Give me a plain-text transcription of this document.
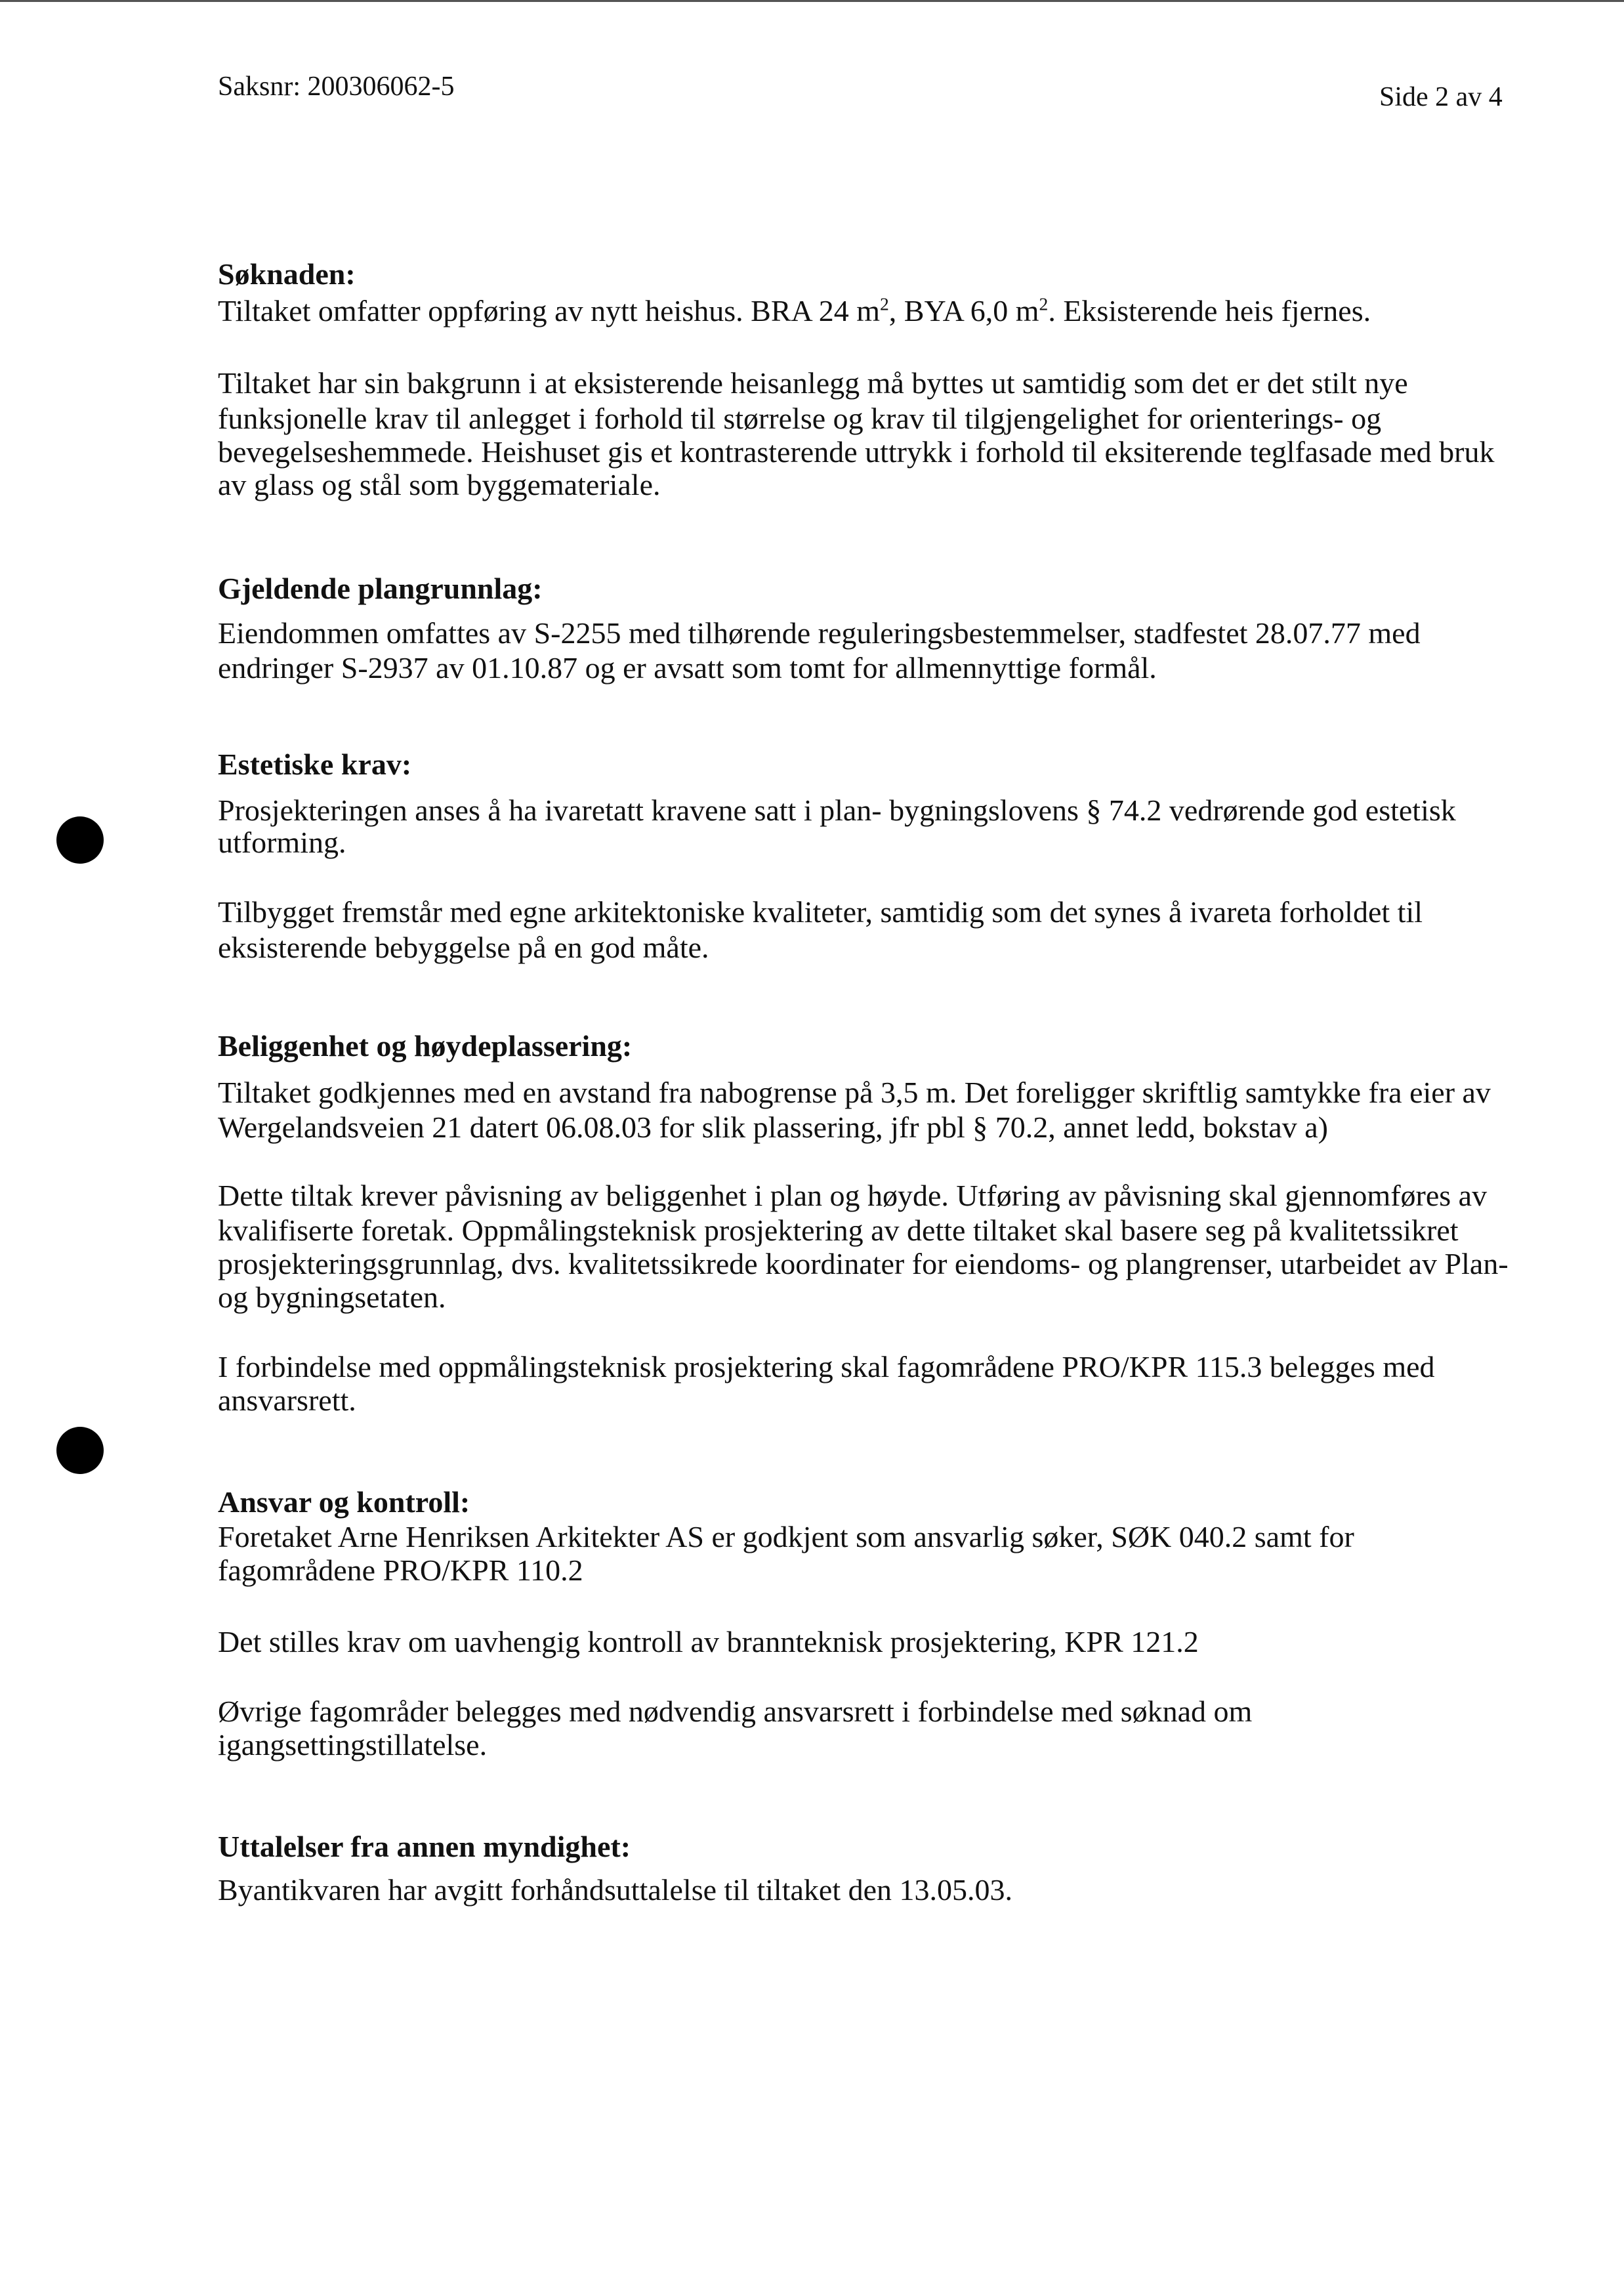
Saksnr: 200306062-5	Side 2 av 4
Søknaden:
Tiltaket omfatter oppføring av nytt heishus. BRA 24 $m^2$, BYA 6,0 $m^2$. Eksisterende heis fjernes.
Tiltaket har sin bakgrunn i at eksisterende heisanlegg må byttes ut samtidig som det er det stilt nye
funksjonelle krav til anlegget i forhold til størrelse og krav til tilgjengelighet for orienterings- og
bevegelseshemmede. Heishuset gis et kontrasterende uttrykk i forhold til eksiterende teglfasade med bruk
av glass og stål som byggemateriale.
Gjeldende plangrunnlag:
Eiendommen omfattes av S-2255 med tilhørende reguleringsbestemmelser, stadfestet 28.07.77 med
endringer S-2937 av 01.10.87 og er avsatt som tomt for allmennyttige formål.
Estetiske krav:
Prosjekteringen anses å ha ivaretatt kravene satt i plan- bygningslovens § 74.2 vedrørende god estetisk
utforming.
Tilbygget fremstår med egne arkitektoniske kvaliteter, samtidig som det synes å ivareta forholdet til
eksisterende bebyggelse på en god måte.
Beliggenhet og høydeplassering:
Tiltaket godkjennes med en avstand fra nabogrense på 3,5 m. Det foreligger skriftlig samtykke fra eier av
Wergelandsveien 21 datert 06.08.03 for slik plassering, jfr pbl § 70.2, annet ledd, bokstav a)
Dette tiltak krever påvisning av beliggenhet i plan og høyde. Utføring av påvisning skal gjennomføres av
kvalifiserte foretak. Oppmålingsteknisk prosjektering av dette tiltaket skal basere seg på kvalitetssikret
prosjekteringsgrunnlag, dvs. kvalitetssikrede koordinater for eiendoms- og plangrenser, utarbeidet av Plan-
og bygningsetaten.
I forbindelse med oppmålingsteknisk prosjektering skal fagområdene PRO/KPR 115.3 belegges med
ansvarsrett.
Ansvar og kontroll:
Foretaket Arne Henriksen Arkitekter AS er godkjent som ansvarlig søker, SØK 040.2 samt for
fagområdene PRO/KPR 110.2
Det stilles krav om uavhengig kontroll av brannteknisk prosjektering, KPR 121.2
Øvrige fagområder belegges med nødvendig ansvarsrett i forbindelse med søknad om
igangsettingstillatelse.
Uttalelser fra annen myndighet:
Byantikvaren har avgitt forhåndsuttalelse til tiltaket den 13.05.03.
